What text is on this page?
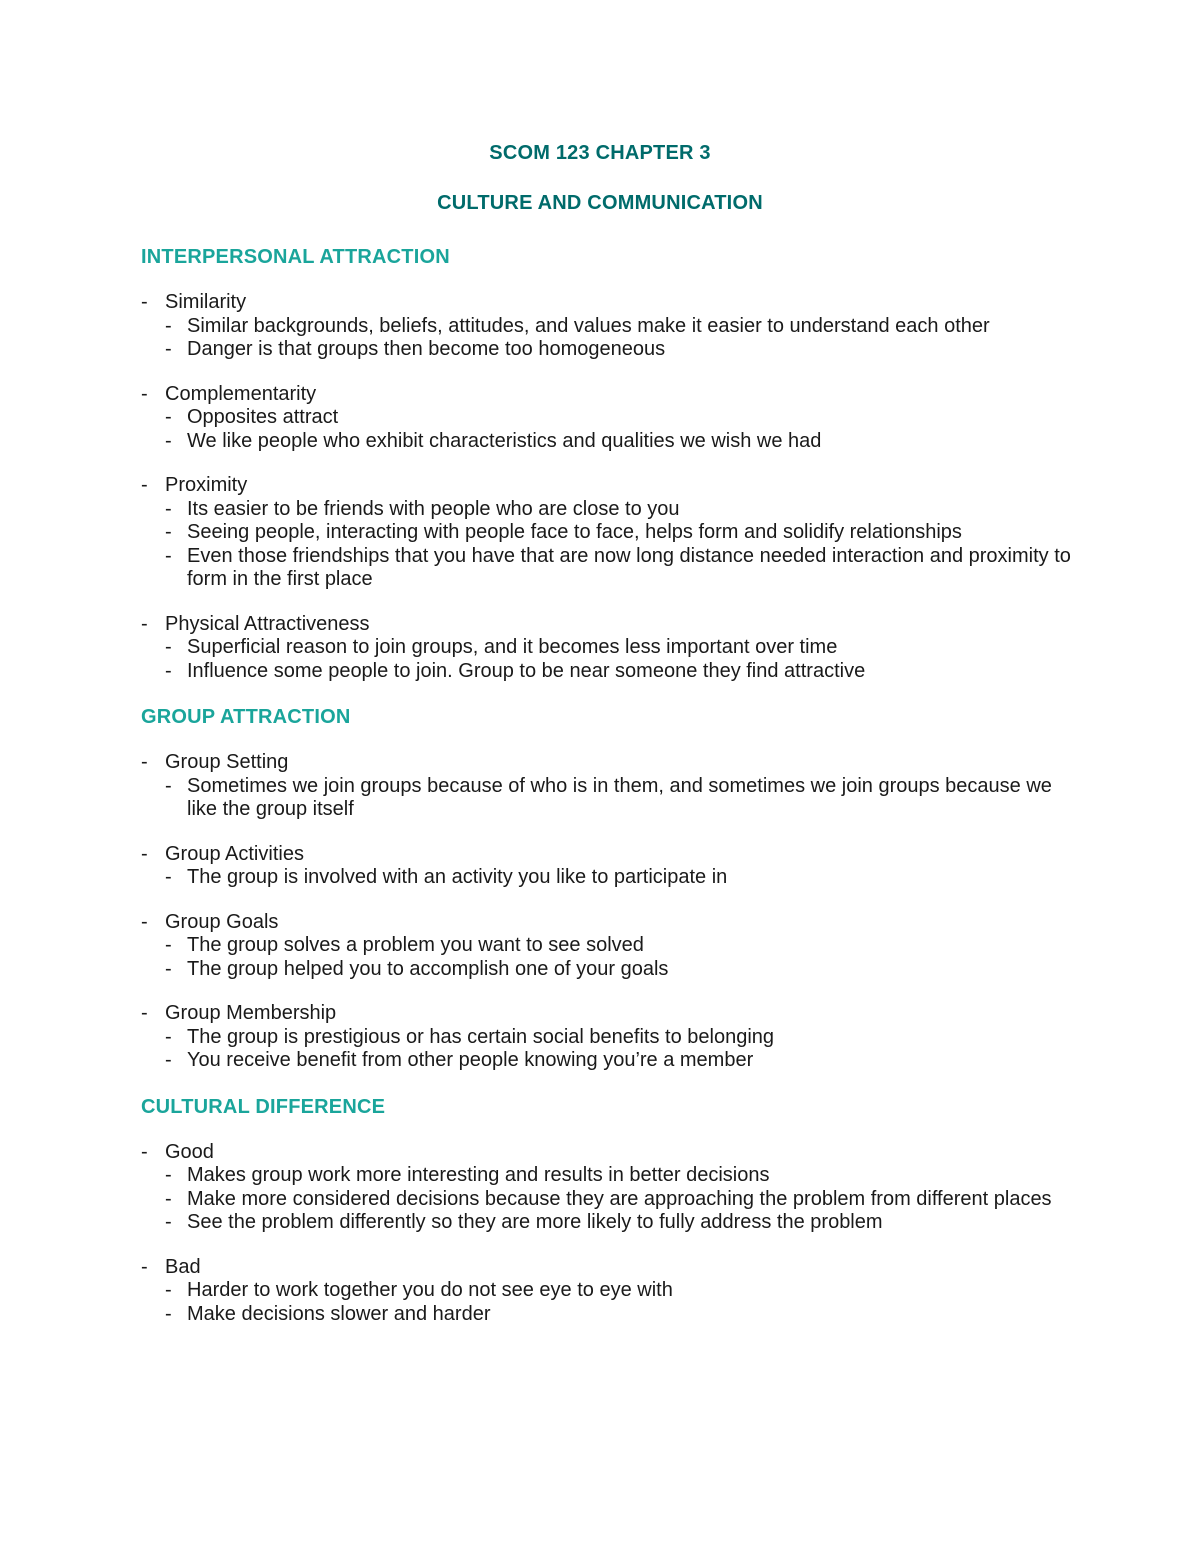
SCOM 123 CHAPTER 3
CULTURE AND COMMUNICATION
INTERPERSONAL ATTRACTION
- Similarity
- Similar backgrounds, beliefs, attitudes, and values make it easier to understand each other
- Danger is that groups then become too homogeneous
- Complementarity
- Opposites attract
- We like people who exhibit characteristics and qualities we wish we had
- Proximity
- Its easier to be friends with people who are close to you
- Seeing people, interacting with people face to face, helps form and solidify relationships
- Even those friendships that you have that are now long distance needed interaction and proximity to form in the first place
- Physical Attractiveness
- Superficial reason to join groups, and it becomes less important over time
- Influence some people to join. Group to be near someone they find attractive
GROUP ATTRACTION
- Group Setting
- Sometimes we join groups because of who is in them, and sometimes we join groups because we like the group itself
- Group Activities
- The group is involved with an activity you like to participate in
- Group Goals
- The group solves a problem you want to see solved
- The group helped you to accomplish one of your goals
- Group Membership
- The group is prestigious or has certain social benefits to belonging
- You receive benefit from other people knowing you’re a member
CULTURAL DIFFERENCE
- Good
- Makes group work more interesting and results in better decisions
- Make more considered decisions because they are approaching the problem from different places
- See the problem differently so they are more likely to fully address the problem
- Bad
- Harder to work together you do not see eye to eye with
- Make decisions slower and harder
